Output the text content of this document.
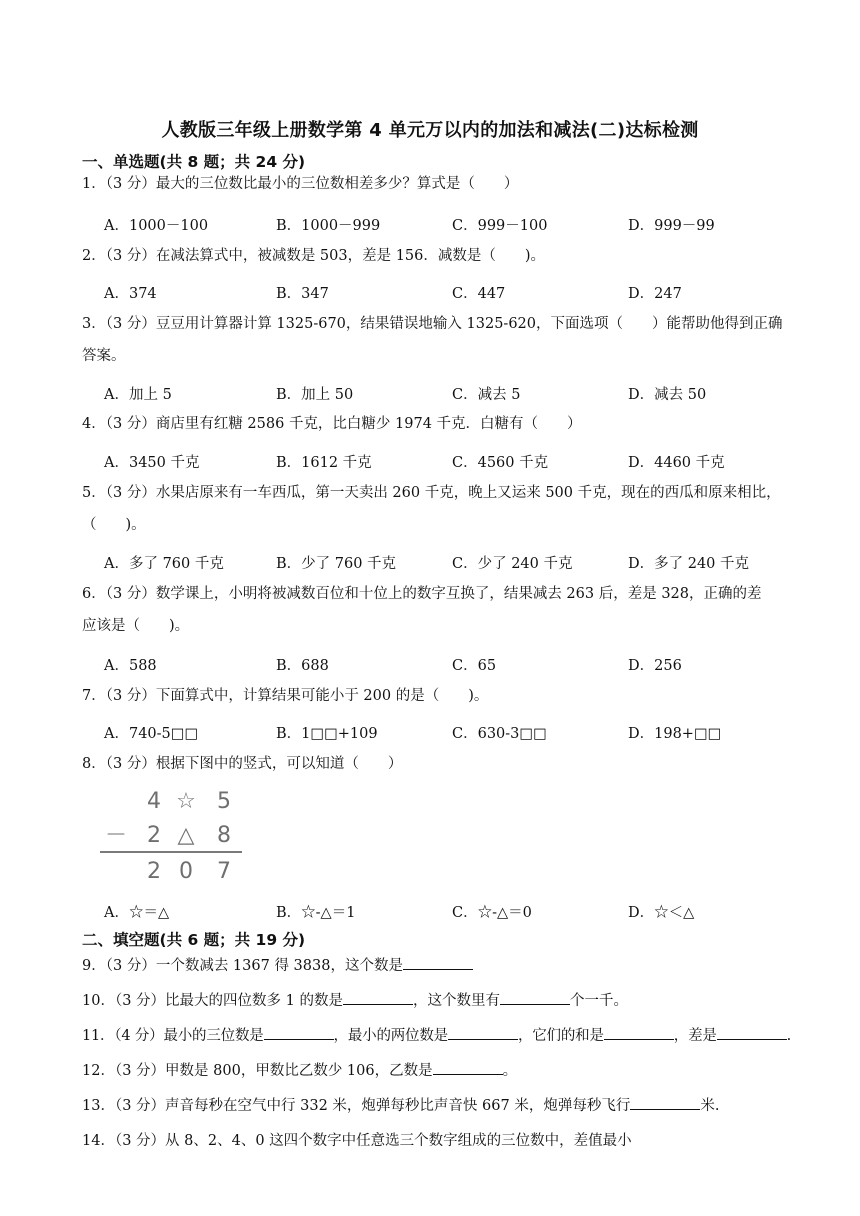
人教版三年级上册数学第 4 单元万以内的加法和减法(二)达标检测
一、单选题(共 8 题；共 24 分)
1．（3 分）最大的三位数比最小的三位数相差多少？算式是（　　）
A．1000－100	B．1000－999	C．999－100	D．999－99
2．（3 分）在减法算式中，被减数是 503，差是 156．减数是（　　)。
A．374	B．347	C．447	D．247
3．（3 分）豆豆用计算器计算 1325-670，结果错误地输入 1325-620，下面选项（　　）能帮助他得到正确
答案。
A．加上 5	B．加上 50	C．减去 5	D．减去 50
4．（3 分）商店里有红糖 2586 千克，比白糖少 1974 千克．白糖有（　　）
A．3450 千克	B．1612 千克	C．4560 千克	D．4460 千克
5．（3 分）水果店原来有一车西瓜，第一天卖出 260 千克，晚上又运来 500 千克，现在的西瓜和原来相比，
（　　)。
A．多了 760 千克	B．少了 760 千克	C．少了 240 千克	D．多了 240 千克
6．（3 分）数学课上，小明将被减数百位和十位上的数字互换了，结果减去 263 后，差是 328，正确的差
应该是（　　)。
A．588	B．688	C．65	D．256
7．（3 分）下面算式中，计算结果可能小于 200 的是（　　)。
A．740-5□□	B．1□□+109	C．630-3□□	D．198+□□
8．（3 分）根据下图中的竖式，可以知道（　　）
4 ☆ 5
－ 2 △ 8
2 0 7
A．☆＝△	B．☆-△＝1	C．☆-△＝0	D．☆＜△
二、填空题(共 6 题；共 19 分)
9．（3 分）一个数减去 1367 得 3838，这个数是
10．（3 分）比最大的四位数多 1 的数是	，这个数里有	个一千。
11．（4 分）最小的三位数是	，最小的两位数是	，它们的和是	，差是	.
12．（3 分）甲数是 800，甲数比乙数少 106，乙数是	。
13．（3 分）声音每秒在空气中行 332 米，炮弹每秒比声音快 667 米，炮弹每秒飞行	米.
14．（3 分）从 8、2、4、0 这四个数字中任意选三个数字组成的三位数中，差值最小
